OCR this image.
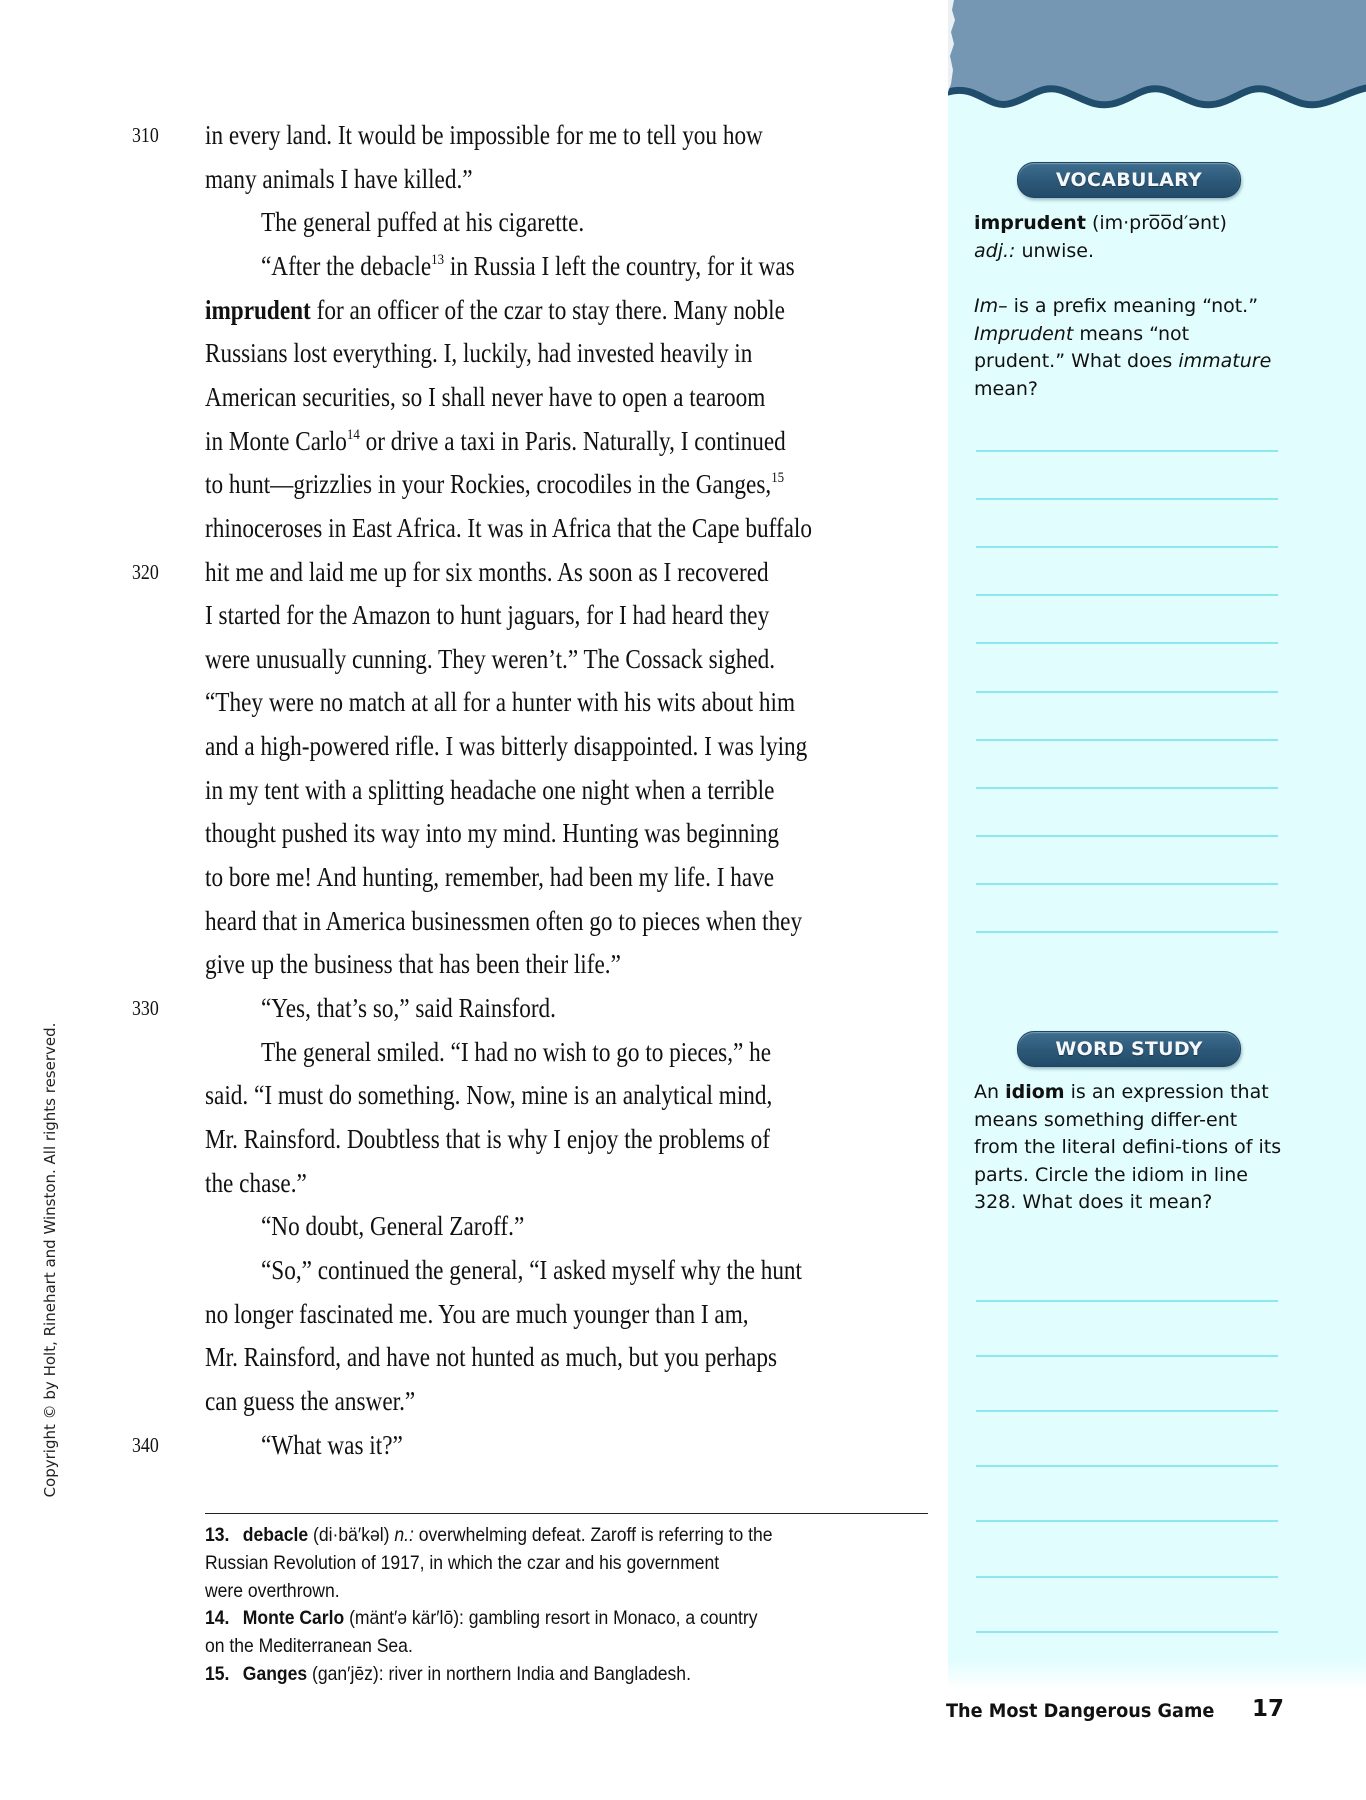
VOCABULARY
imprudent (im·pro̅o̅d′ənt)
adj.: unwise.
Im– is a prefix meaning “not.” Imprudent means “not prudent.” What does immature mean?
WORD STUDY
An idiom is an expression that means something differ-ent from the literal defini-tions of its parts. Circle the idiom in line 328. What does it mean?
in every land. It would be impossible for me to tell you how
310
many animals I have killed.”
The general puffed at his cigarette.
“After the debacle$^{13}$ in Russia I left the country, for it was
imprudent for an officer of the czar to stay there. Many noble
Russians lost everything. I, luckily, had invested heavily in
American securities, so I shall never have to open a tearoom
in Monte Carlo$^{14}$ or drive a taxi in Paris. Naturally, I continued
to hunt—grizzlies in your Rockies, crocodiles in the Ganges,$^{15}$
rhinoceroses in East Africa. It was in Africa that the Cape buffalo
hit me and laid me up for six months. As soon as I recovered
320
I started for the Amazon to hunt jaguars, for I had heard they
were unusually cunning. They weren’t.” The Cossack sighed.
“They were no match at all for a hunter with his wits about him
and a high-powered rifle. I was bitterly disappointed. I was lying
in my tent with a splitting headache one night when a terrible
thought pushed its way into my mind. Hunting was beginning
to bore me! And hunting, remember, had been my life. I have
heard that in America businessmen often go to pieces when they
give up the business that has been their life.”
“Yes, that’s so,” said Rainsford.
330
The general smiled. “I had no wish to go to pieces,” he
said. “I must do something. Now, mine is an analytical mind,
Mr. Rainsford. Doubtless that is why I enjoy the problems of
the chase.”
“No doubt, General Zaroff.”
“So,” continued the general, “I asked myself why the hunt
no longer fascinated me. You are much younger than I am,
Mr. Rainsford, and have not hunted as much, but you perhaps
can guess the answer.”
“What was it?”
340
13. debacle (di·bä′kəl) n.: overwhelming defeat. Zaroff is referring to the
Russian Revolution of 1917, in which the czar and his government
were overthrown.
14. Monte Carlo (mänt′ə kär′lō): gambling resort in Monaco, a country
on the Mediterranean Sea.
15. Ganges (gan′jēz): river in northern India and Bangladesh.
Copyright © by Holt, Rinehart and Winston. All rights reserved.
The Most Dangerous Game 17
